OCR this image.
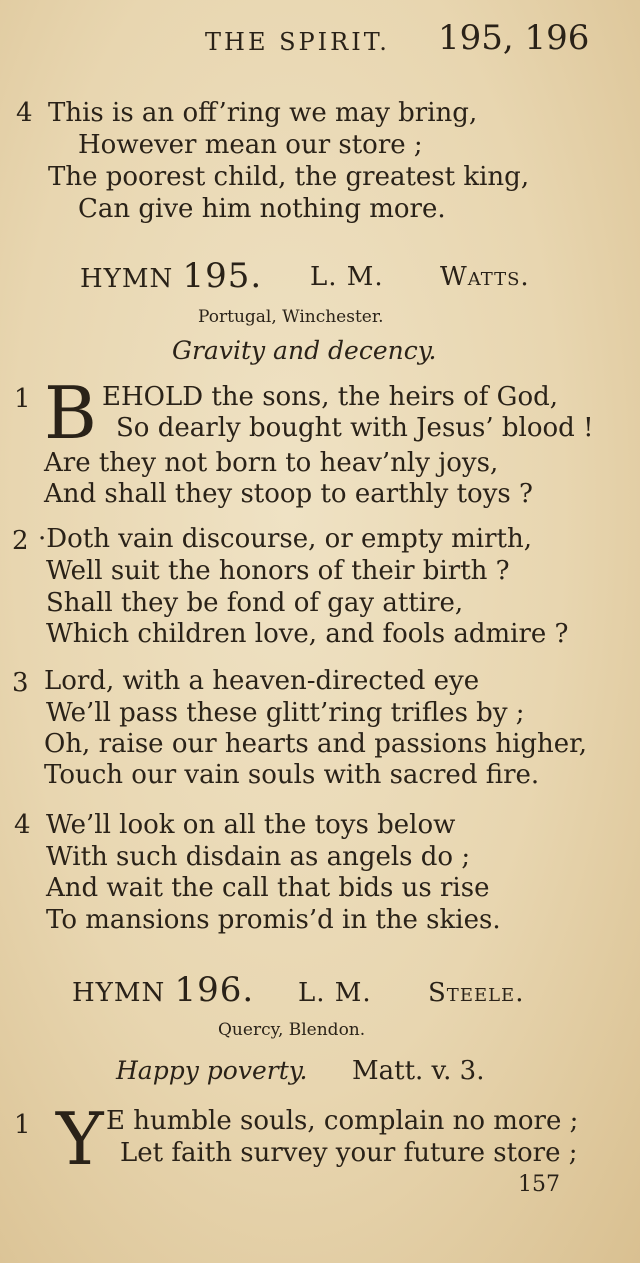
THE SPIRIT. 195, 196
4 This is an off’ring we may bring,
However mean our store ;
The poorest child, the greatest king,
Can give him nothing more.
HYMN 195. L. M. Watts.
Portugal, Winchester.
Gravity and decency.
1 B EHOLD the sons, the heirs of God,
So dearly bought with Jesus’ blood !
Are they not born to heav’nly joys,
And shall they stoop to earthly toys ?
2 ·Doth vain discourse, or empty mirth,
Well suit the honors of their birth ?
Shall they be fond of gay attire,
Which children love, and fools admire ?
3 Lord, with a heaven-directed eye
We’ll pass these glitt’ring trifles by ;
Oh, raise our hearts and passions higher,
Touch our vain souls with sacred fire.
4 We’ll look on all the toys below
With such disdain as angels do ;
And wait the call that bids us rise
To mansions promis’d in the skies.
HYMN 196. L. M. Steele.
Quercy, Blendon.
Happy poverty. Matt. v. 3.
1 Y E humble souls, complain no more ;
Let faith survey your future store ;
157
